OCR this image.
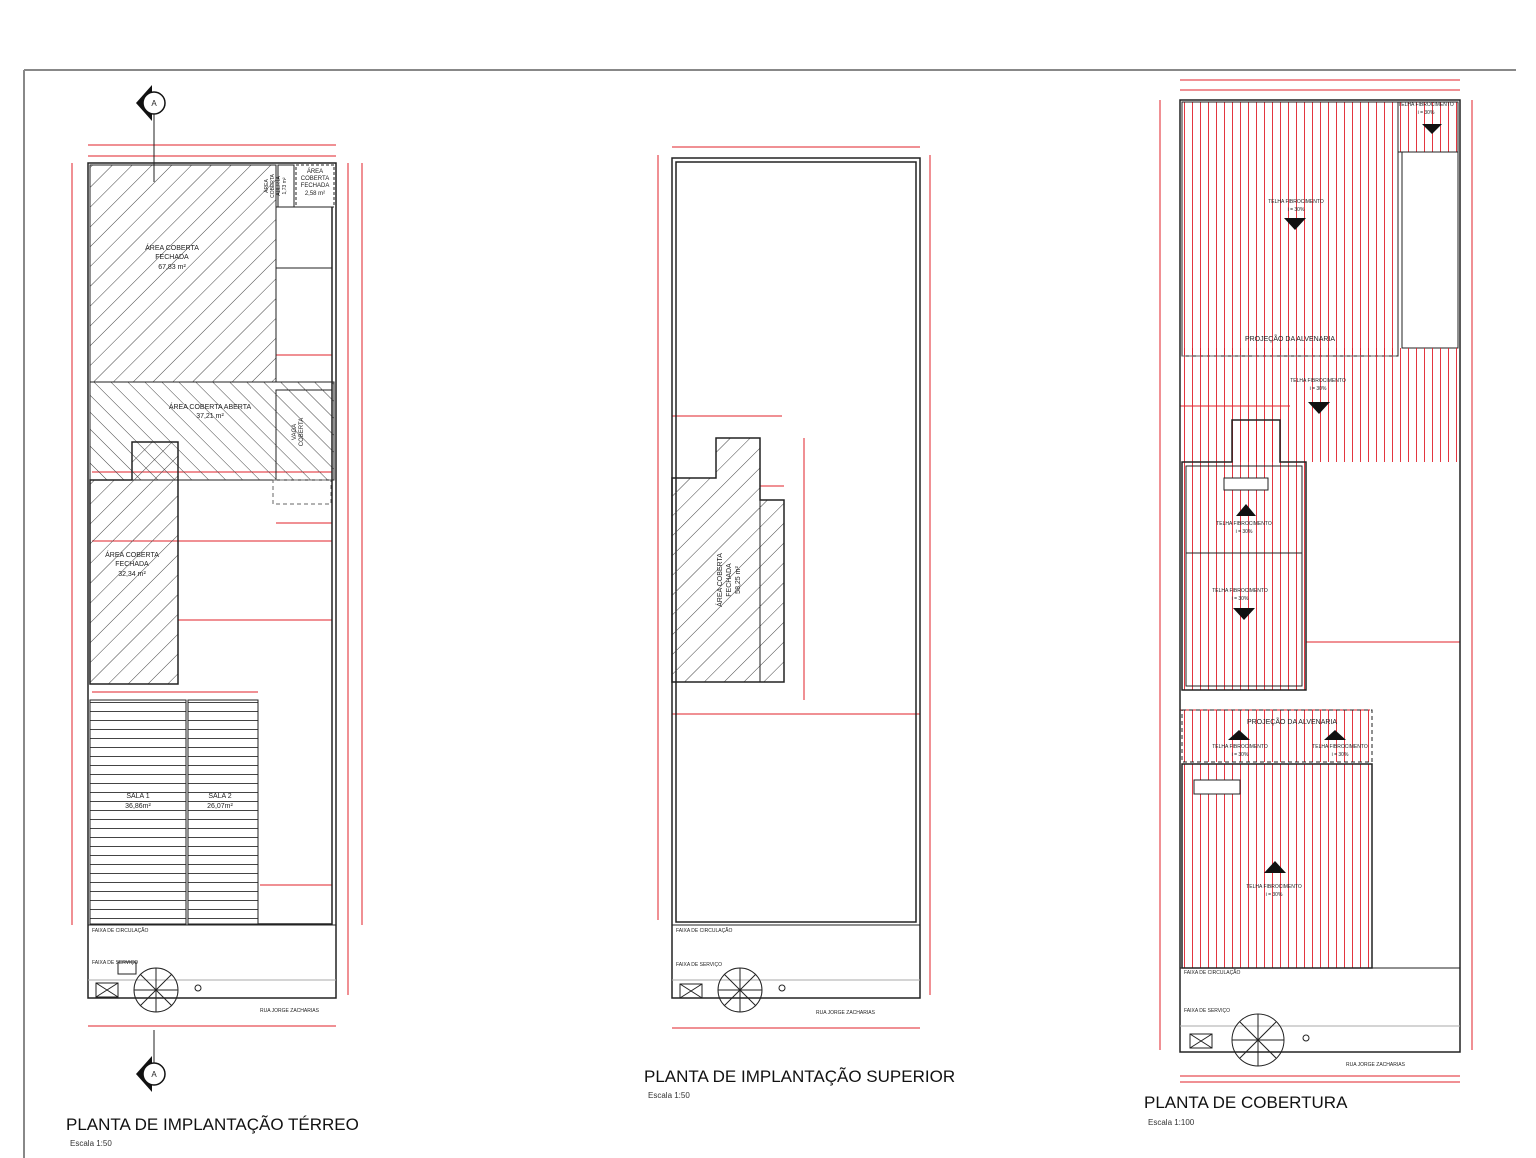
A
A
ÁREA COBERTA
FECHADA
67,83 m²
ÁREA COBERTA ABERTA
37,21 m²
ÁREA COBERTA
FECHADA
32,34 m²
ÁREA
COBERTA
FECHADA
2,58 m²
ÁREA COBERTA ABERTA 1,73 m²
VAGA COBERTA
SALA 1
36,86m²
SALA 2
26,07m²
FAIXA DE CIRCULAÇÃO
FAIXA DE SERVIÇO
RUA JORGE ZACHARIAS
PLANTA DE IMPLANTAÇÃO TÉRREO
Escala 1:50
ÁREA COBERTA FECHADA 58,25 m²
FAIXA DE CIRCULAÇÃO
FAIXA DE SERVIÇO
RUA JORGE ZACHARIAS
PLANTA DE IMPLANTAÇÃO SUPERIOR
Escala 1:50
TELHA FIBROCIMENTO
i = 30%
TELHA FIBROCIMENTO
i = 30%
PROJEÇÃO DA ALVENARIA
TELHA FIBROCIMENTO
i = 30%
TELHA FIBROCIMENTO
i = 30%
TELHA FIBROCIMENTO
i = 30%
PROJEÇÃO DA ALVENARIA
TELHA FIBROCIMENTO
i = 30%
TELHA FIBROCIMENTO
i = 30%
TELHA FIBROCIMENTO
i = 30%
FAIXA DE CIRCULAÇÃO
FAIXA DE SERVIÇO
RUA JORGE ZACHARIAS
PLANTA DE COBERTURA
Escala 1:100
